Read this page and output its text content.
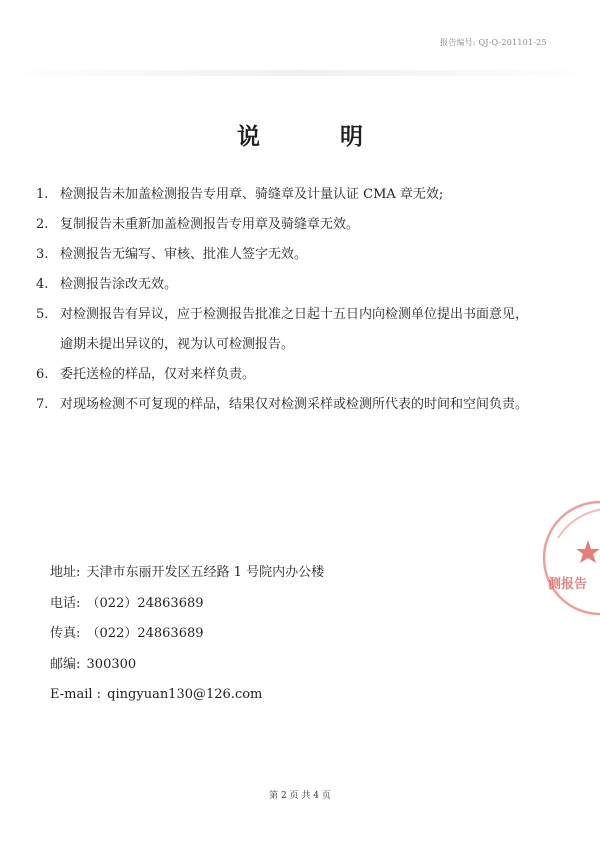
报告编号: QJ-Q-201101-25
说明
1. 检测报告未加盖检测报告专用章、骑缝章及计量认证 CMA 章无效;
2. 复制报告未重新加盖检测报告专用章及骑缝章无效。
3. 检测报告无编写、审核、批准人签字无效。
4. 检测报告涂改无效。
5. 对检测报告有异议，应于检测报告批准之日起十五日内向检测单位提出书面意见，
逾期未提出异议的，视为认可检测报告。
6. 委托送检的样品，仅对来样负责。
7. 对现场检测不可复现的样品，结果仅对检测采样或检测所代表的时间和空间负责。
地址: 天津市东丽开发区五经路 1 号院内办公楼
电话: （022）24863689
传真: （022）24863689
邮编: 300300
E-mail : qingyuan130@126.com
测报告
第 2 页 共 4 页
